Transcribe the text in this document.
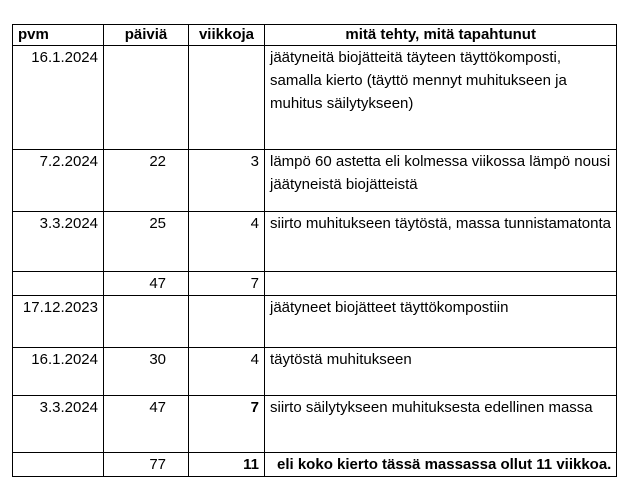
pvm	päiviä	viikkoja	mitä tehty, mitä tapahtunut
16.1.2024			jäätyneitä biojätteitä täyteen täyttökomposti, samalla kierto (täyttö mennyt muhitukseen ja muhitus säilytykseen)
7.2.2024	22	3	lämpö 60 astetta eli kolmessa viikossa lämpö nousi jäätyneistä biojätteistä
3.3.2024	25	4	siirto muhitukseen täytöstä, massa tunnistamatonta
	47	7	
17.12.2023			jäätyneet biojätteet täyttökompostiin
16.1.2024	30	4	täytöstä muhitukseen
3.3.2024	47	7	siirto säilytykseen muhituksesta edellinen massa
	77	11	eli koko kierto tässä massassa ollut 11 viikkoa.
